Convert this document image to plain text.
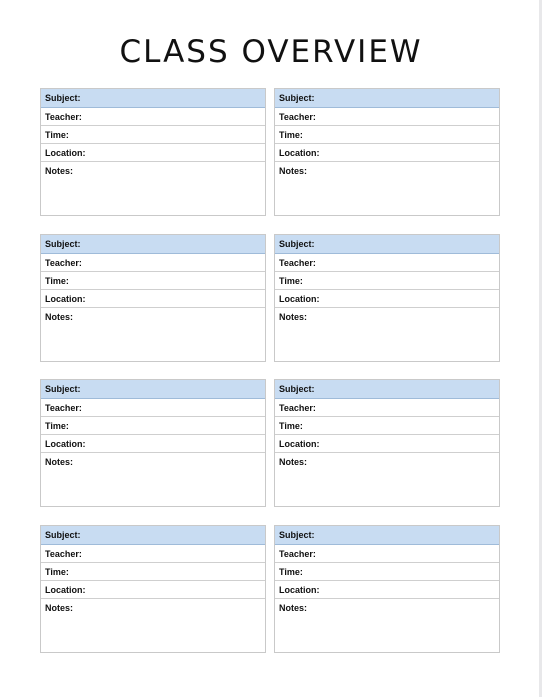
CLASS OVERVIEW
Subject:
Teacher:
Time:
Location:
Notes:
Subject:
Teacher:
Time:
Location:
Notes:
Subject:
Teacher:
Time:
Location:
Notes:
Subject:
Teacher:
Time:
Location:
Notes:
Subject:
Teacher:
Time:
Location:
Notes:
Subject:
Teacher:
Time:
Location:
Notes:
Subject:
Teacher:
Time:
Location:
Notes:
Subject:
Teacher:
Time:
Location:
Notes:
